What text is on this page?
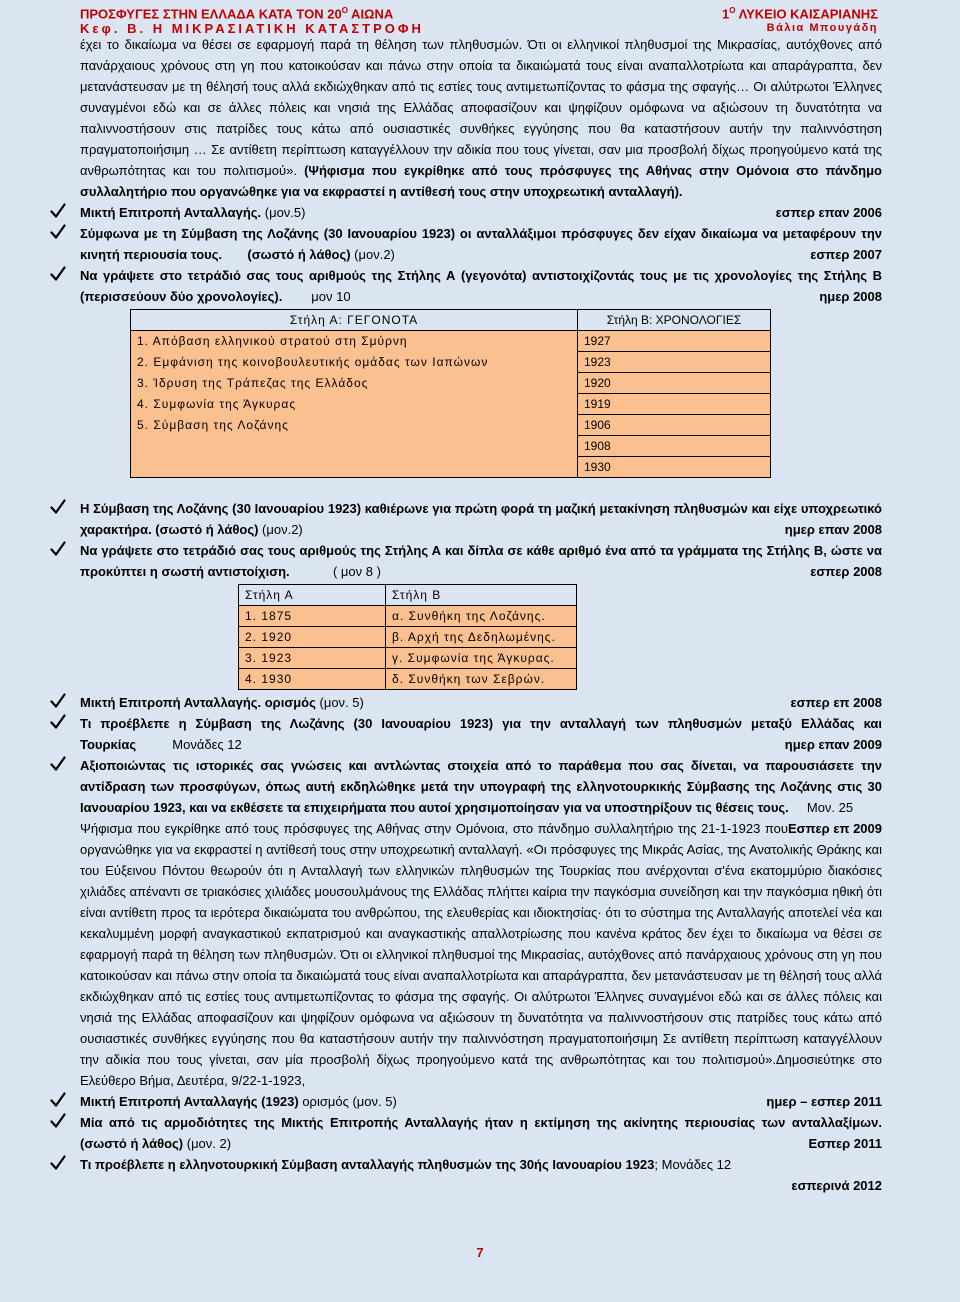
ΠΡΟΣΦΥΓΕΣ ΣΤΗΝ ΕΛΛΑΔΑ ΚΑΤΑ ΤΟΝ $20^O$ ΑΙΩΝΑ	$1^O$ ΛΥΚΕΙΟ ΚΑΙΣΑΡΙΑΝΗΣ
Κεφ. Β. Η ΜΙΚΡΑΣΙΑΤΙΚΗ ΚΑΤΑΣΤΡΟΦΗ	Βάλια Μπουγάδη

έχει το δικαίωμα να θέσει σε εφαρμογή παρά τη θέληση των πληθυσμών. Ότι οι ελληνικοί πληθυσμοί της Μικρασίας, αυτόχθονες από πανάρχαιους χρόνους στη γη που κατοικούσαν και πάνω στην οποία τα δικαιώματά τους είναι αναπαλλοτρίωτα και απαράγραπτα, δεν μετανάστευσαν με τη θέλησή τους αλλά εκδιώχθηκαν από τις εστίες τους αντιμετωπίζοντας το φάσμα της σφαγής… Οι αλύτρωτοι Έλληνες συναγμένοι εδώ και σε άλλες πόλεις και νησιά της Ελλάδας αποφασίζουν και ψηφίζουν ομόφωνα να αξιώσουν τη δυνατότητα να παλιννοστήσουν στις πατρίδες τους κάτω από ουσιαστικές συνθήκες εγγύησης που θα καταστήσουν αυτήν την παλιννόστηση πραγματοποιήσιμη … Σε αντίθετη περίπτωση καταγγέλλουν την αδικία που τους γίνεται, σαν μια προσβολή δίχως προηγούμενο κατά της ανθρωπότητας και του πολιτισμού». (Ψήφισμα που εγκρίθηκε από τους πρόσφυγες της Αθήνας στην Ομόνοια στο πάνδημο συλλαλητήριο που οργανώθηκε για να εκφραστεί η αντίθεσή τους στην υποχρεωτική ανταλλαγή).

Μικτή Επιτροπή Ανταλλαγής. (μον.5)	εσπερ επαν 2006

Σύμφωνα με τη Σύμβαση της Λοζάνης (30 Ιανουαρίου 1923) οι ανταλλάξιμοι πρόσφυγες δεν είχαν δικαίωμα να μεταφέρουν την κινητή περιουσία τους. (σωστό ή λάθος) (μον.2)	εσπερ 2007

Να γράψετε στο τετράδιό σας τους αριθμούς της Στήλης Α (γεγονότα) αντιστοιχίζοντάς τους με τις χρονολογίες της Στήλης Β (περισσεύουν δύο χρονολογίες). μον 10	ημερ 2008

Στήλη Α: ΓΕΓΟΝΟΤΑ	Στήλη Β: ΧΡΟΝΟΛΟΓΙΕΣ
1. Απόβαση ελληνικού στρατού στη Σμύρνη	1927
2. Εμφάνιση της κοινοβουλευτικής ομάδας των Ιαπώνων	1923
3. Ίδρυση της Τράπεζας της Ελλάδος	1920
4. Συμφωνία της Άγκυρας	1919
5. Σύμβαση της Λοζάνης	1906
	1908
	1930

Η Σύμβαση της Λοζάνης (30 Ιανουαρίου 1923) καθιέρωνε για πρώτη φορά τη μαζική μετακίνηση πληθυσμών και είχε υποχρεωτικό χαρακτήρα. (σωστό ή λάθος) (μον.2)	ημερ επαν 2008

Να γράψετε στο τετράδιό σας τους αριθμούς της Στήλης Α και δίπλα σε κάθε αριθμό ένα από τα γράμματα της Στήλης Β, ώστε να προκύπτει η σωστή αντιστοίχιση.	( μον 8 )	εσπερ 2008

Στήλη Α	Στήλη Β
1. 1875	α. Συνθήκη της Λοζάνης.
2. 1920	β. Αρχή της Δεδηλωμένης.
3. 1923	γ. Συμφωνία της Άγκυρας.
4. 1930	δ. Συνθήκη των Σεβρών.
Μικτή Επιτροπή Ανταλλαγής. ορισμός (μον. 5)	εσπερ επ 2008

Τι προέβλεπε η Σύμβαση της Λωζάνης (30 Ιανουαρίου 1923) για την ανταλλαγή των πληθυσμών μεταξύ Ελλάδας και Τουρκίας	Μονάδες 12	ημερ επαν 2009

Αξιοποιώντας τις ιστορικές σας γνώσεις και αντλώντας στοιχεία από το παράθεμα που σας δίνεται, να παρουσιάσετε την αντίδραση των προσφύγων, όπως αυτή εκδηλώθηκε μετά την υπογραφή της ελληνοτουρκικής Σύμβασης της Λοζάνης στις 30 Ιανουαρίου 1923, και να εκθέσετε τα επιχειρήματα που αυτοί χρησιμοποίησαν για να υποστηρίξουν τις θέσεις τους. Μον. 25
Εσπερ επ 2009

Ψήφισμα που εγκρίθηκε από τους πρόσφυγες της Αθήνας στην Ομόνοια, στο πάνδημο συλλαλητήριο της 21-1-1923 που οργανώθηκε για να εκφραστεί η αντίθεσή τους στην υποχρεωτική ανταλλαγή. «Οι πρόσφυγες της Μικράς Ασίας, της Ανατολικής Θράκης και του Εύξεινου Πόντου θεωρούν ότι η Ανταλλαγή των ελληνικών πληθυσμών της Τουρκίας που ανέρχονται σ'ένα εκατομμύριο διακόσιες χιλιάδες απέναντι σε τριακόσιες χιλιάδες μουσουλμάνους της Ελλάδας πλήττει καίρια την παγκόσμια συνείδηση και την παγκόσμια ηθική ότι είναι αντίθετη προς τα ιερότερα δικαιώματα του ανθρώπου, της ελευθερίας και ιδιοκτησίας· ότι το σύστημα της Ανταλλαγής αποτελεί νέα και κεκαλυμμένη μορφή αναγκαστικού εκπατρισμού και αναγκαστικής απαλλοτρίωσης που κανένα κράτος δεν έχει το δικαίωμα να θέσει σε εφαρμογή παρά τη θέληση των πληθυσμών. Ότι οι ελληνικοί πληθυσμοί της Μικρασίας, αυτόχθονες από πανάρχαιους χρόνους στη γη που κατοικούσαν και πάνω στην οποία τα δικαιώματά τους είναι αναπαλλοτρίωτα και απαράγραπτα, δεν μετανάστευσαν με τη θέλησή τους αλλά εκδιώχθηκαν από τις εστίες τους αντιμετωπίζοντας το φάσμα της σφαγής. Οι αλύτρωτοι Έλληνες συναγμένοι εδώ και σε άλλες πόλεις και νησιά της Ελλάδας αποφασίζουν και ψηφίζουν ομόφωνα να αξιώσουν τη δυνατότητα να παλιννοστήσουν στις πατρίδες τους κάτω από ουσιαστικές συνθήκες εγγύησης που θα καταστήσουν αυτήν την παλιννόστηση πραγματοποιήσιμη Σε αντίθετη περίπτωση καταγγέλλουν την αδικία που τους γίνεται, σαν μία προσβολή δίχως προηγούμενο κατά της ανθρωπότητας και του πολιτισμού».Δημοσιεύτηκε στο Ελεύθερο Βήμα, Δευτέρα, 9/22-1-1923,

Μικτή Επιτροπή Ανταλλαγής (1923) ορισμός (μον. 5)	ημερ – εσπερ 2011

Μία από τις αρμοδιότητες της Μικτής Επιτροπής Ανταλλαγής ήταν η εκτίμηση της ακίνητης περιουσίας των ανταλλαξίμων. (σωστό ή λάθος) (μον. 2)	Εσπερ 2011

Τι προέβλεπε η ελληνοτουρκική Σύμβαση ανταλλαγής πληθυσμών της 30ής Ιανουαρίου 1923; Μονάδες 12

εσπερινά 2012

7
